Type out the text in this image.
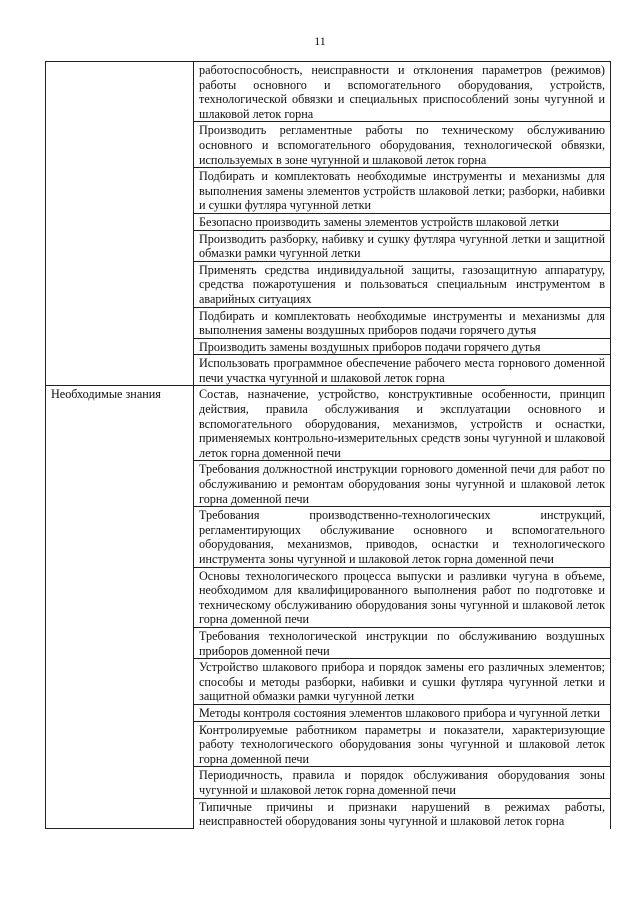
11
	работоспособность, неисправности и отклонения параметров (режимов) работы основного и вспомогательного оборудования, устройств, технологической обвязки и специальных приспособлений зоны чугунной и шлаковой леток горна
	Производить регламентные работы по техническому обслуживанию основного и вспомогательного оборудования, технологической обвязки, используемых в зоне чугунной и шлаковой леток горна
	Подбирать и комплектовать необходимые инструменты и механизмы для выполнения замены элементов устройств шлаковой летки; разборки, набивки и сушки футляра чугунной летки
	Безопасно производить замены элементов устройств шлаковой летки
	Производить разборку, набивку и сушку футляра чугунной летки и защитной обмазки рамки чугунной летки
	Применять средства индивидуальной защиты, газозащитную аппаратуру, средства пожаротушения и пользоваться специальным инструментом в аварийных ситуациях
	Подбирать и комплектовать необходимые инструменты и механизмы для выполнения замены воздушных приборов подачи горячего дутья
	Производить замены воздушных приборов подачи горячего дутья
	Использовать программное обеспечение рабочего места горнового доменной печи участка чугунной и шлаковой леток горна

Необходимые знания	Состав, назначение, устройство, конструктивные особенности, принцип действия, правила обслуживания и эксплуатации основного и вспомогательного оборудования, механизмов, устройств и оснастки, применяемых контрольно-измерительных средств зоны чугунной и шлаковой леток горна доменной печи
	Требования должностной инструкции горнового доменной печи для работ по обслуживанию и ремонтам оборудования зоны чугунной и шлаковой леток горна доменной печи
	Требования производственно-технологических инструкций, регламентирующих обслуживание основного и вспомогательного оборудования, механизмов, приводов, оснастки и технологического инструмента зоны чугунной и шлаковой леток горна доменной печи
	Основы технологического процесса выпуски и разливки чугуна в объеме, необходимом для квалифицированного выполнения работ по подготовке и техническому обслуживанию оборудования зоны чугунной и шлаковой леток горна доменной печи
	Требования технологической инструкции по обслуживанию воздушных приборов доменной печи
	Устройство шлакового прибора и порядок замены его различных элементов; способы и методы разборки, набивки и сушки футляра чугунной летки и защитной обмазки рамки чугунной летки
	Методы контроля состояния элементов шлакового прибора и чугунной летки
	Контролируемые работником параметры и показатели, характеризующие работу технологического оборудования зоны чугунной и шлаковой леток горна доменной печи
	Периодичность, правила и порядок обслуживания оборудования зоны чугунной и шлаковой леток горна доменной печи
	Типичные причины и признаки нарушений в режимах работы, неисправностей оборудования зоны чугунной и шлаковой леток горна
